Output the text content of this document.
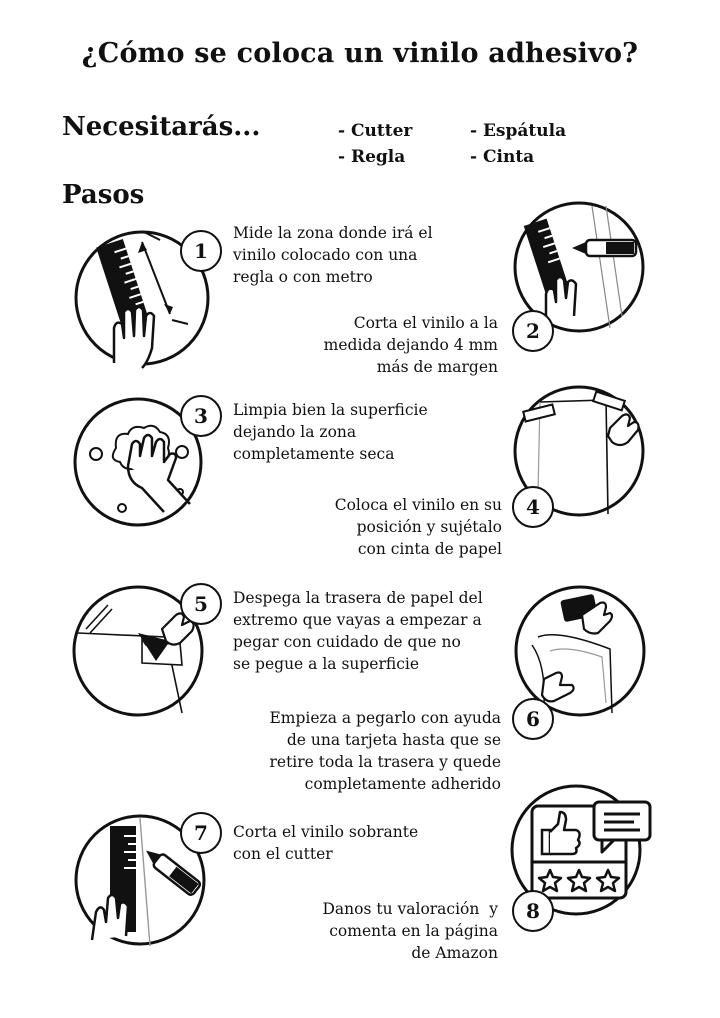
¿Cómo se coloca un vinilo adhesivo?
Necesitarás...	- Cutter	- Espátula
- Regla	- Cinta
Pasos
1
Mide la zona donde irá el
vinilo colocado con una
regla o con metro
2
Corta el vinilo a la
medida dejando 4 mm
más de margen
3	Limpia bien la superficie
dejando la zona
completamente seca
4
Coloca el vinilo en su
posición y sujétalo
con cinta de papel
5	Despega la trasera de papel del
extremo que vayas a empezar a
pegar con cuidado de que no
se pegue a la superficie
6
Empieza a pegarlo con ayuda
de una tarjeta hasta que se
retire toda la trasera y quede
completamente adherido
7	Corta el vinilo sobrante
con el cutter
8
Danos tu valoración  y
comenta en la página
de Amazon
